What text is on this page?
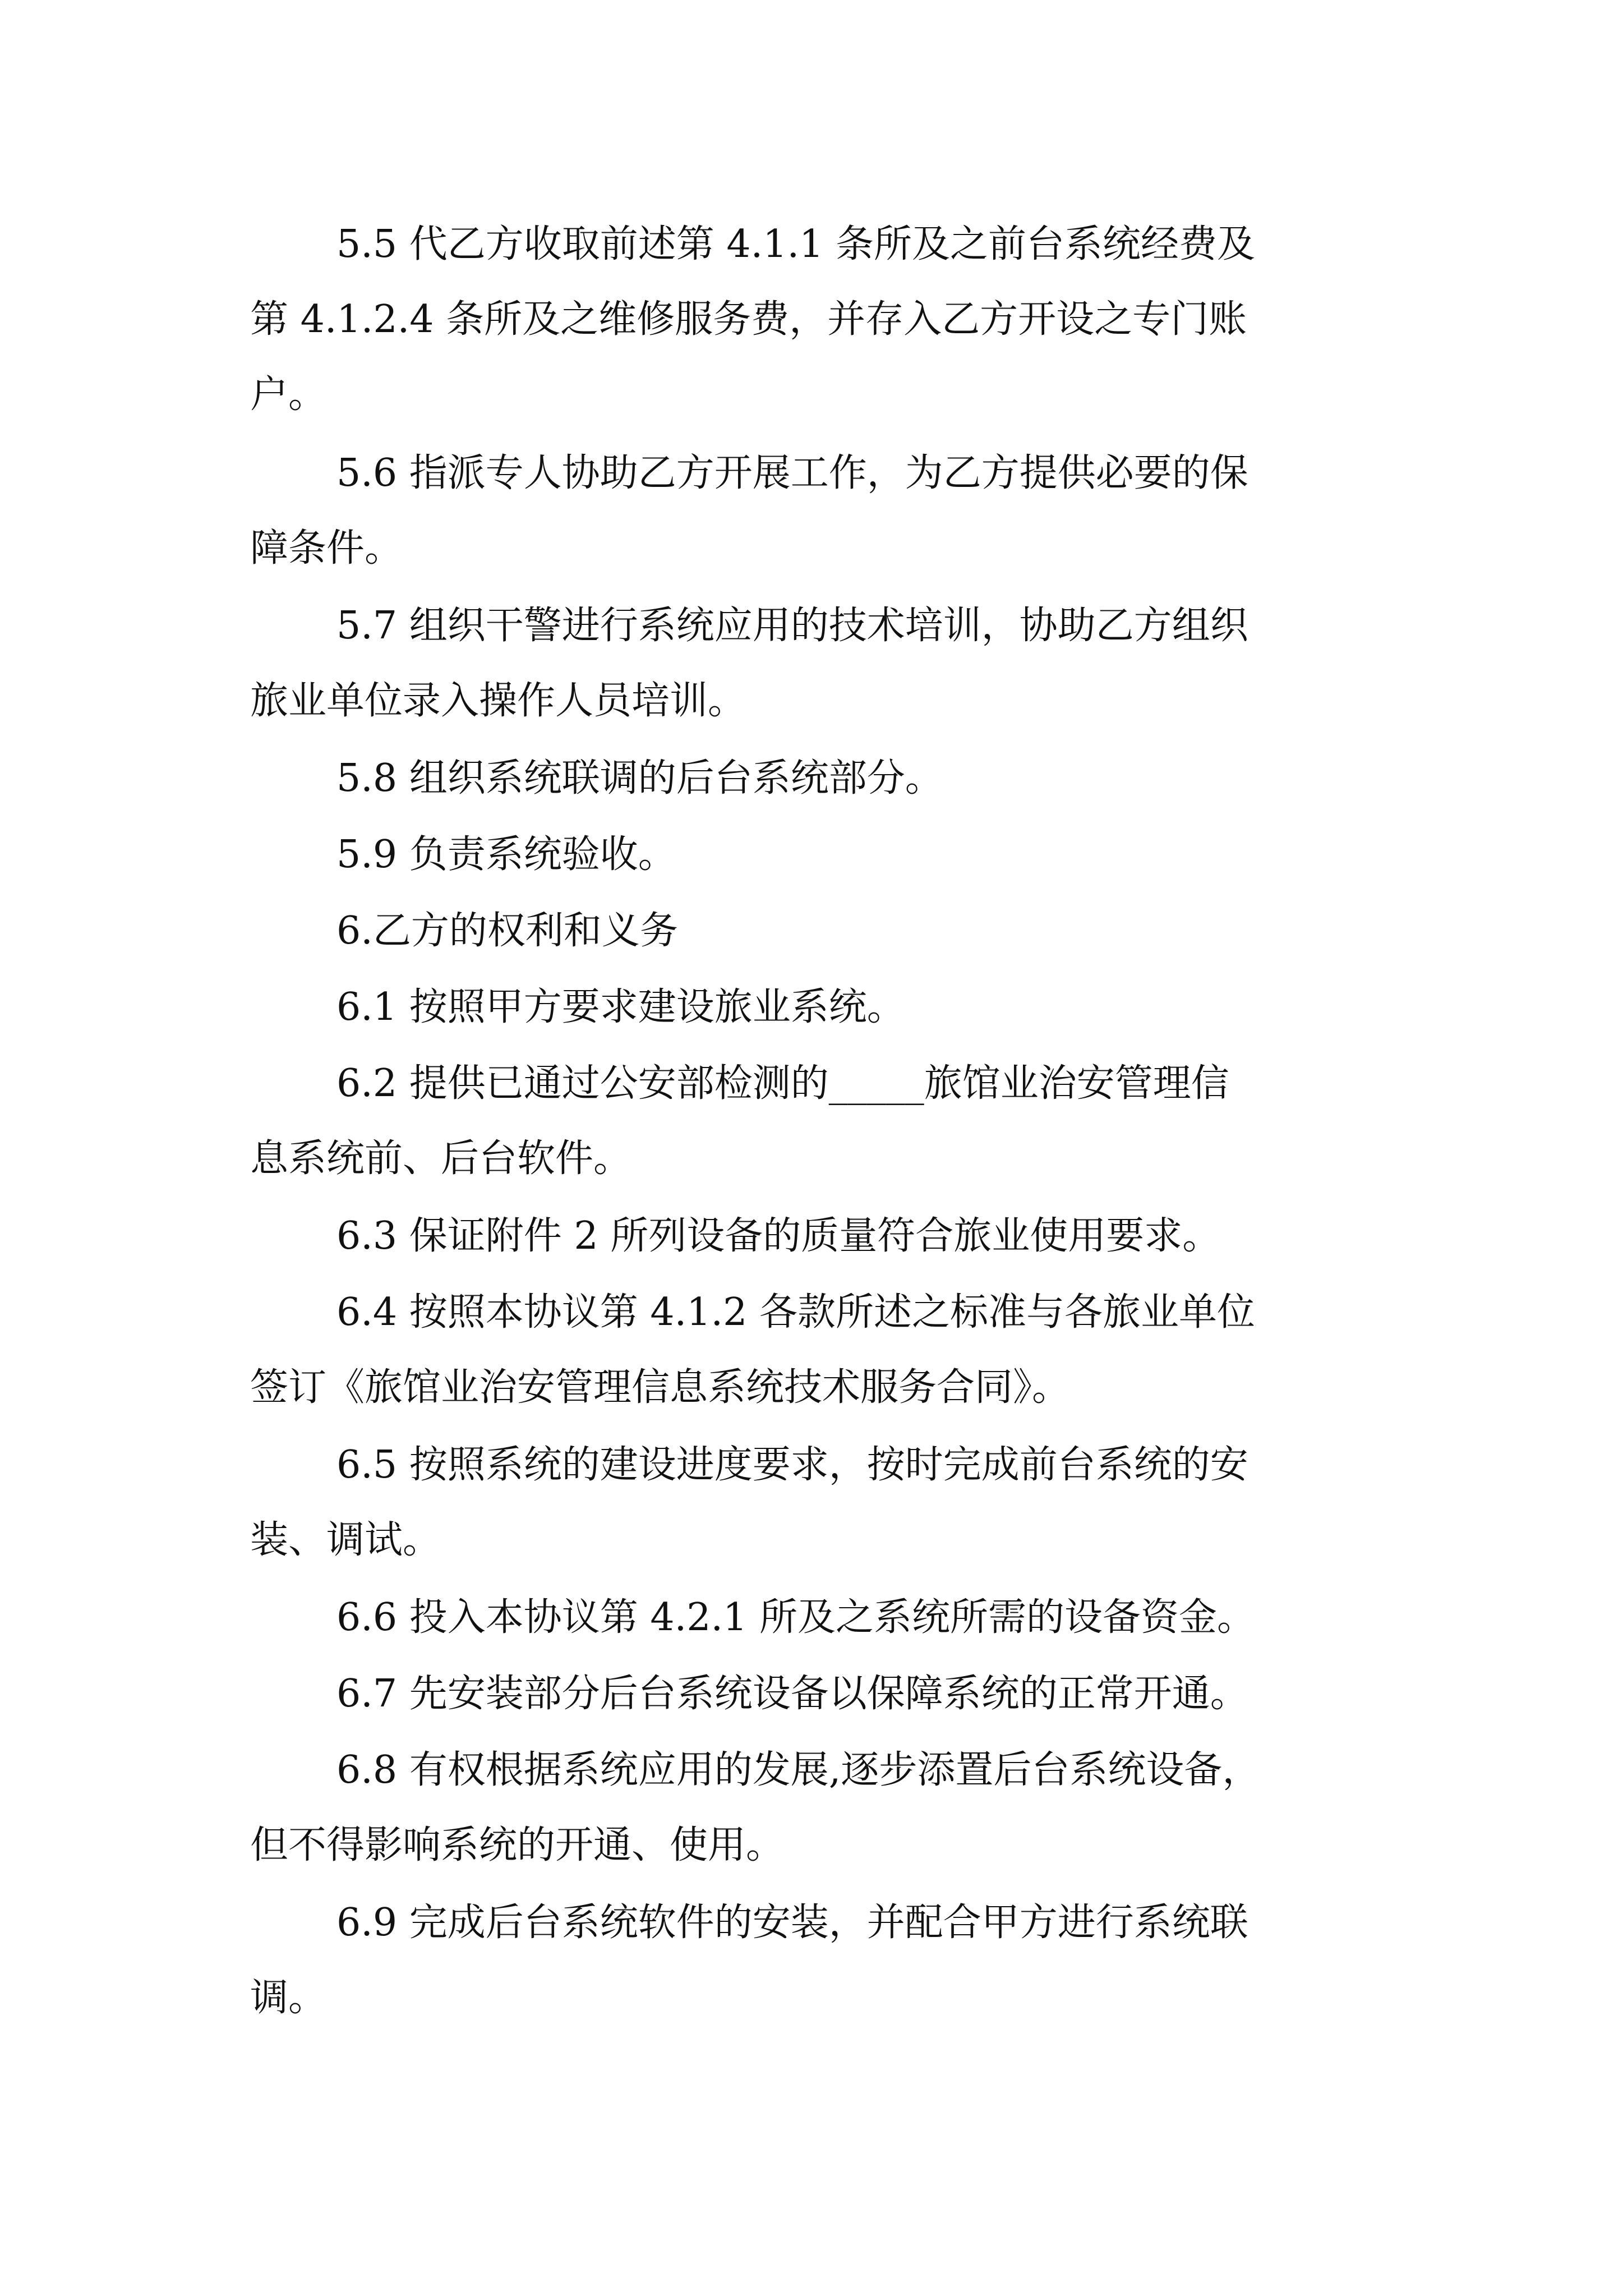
5.5 代乙方收取前述第 4.1.1 条所及之前台系统经费及

第 4.1.2.4 条所及之维修服务费，并存入乙方开设之专门账

户。

5.6 指派专人协助乙方开展工作，为乙方提供必要的保

障条件。

5.7 组织干警进行系统应用的技术培训，协助乙方组织

旅业单位录入操作人员培训。

5.8 组织系统联调的后台系统部分。

5.9 负责系统验收。

6.乙方的权利和义务

6.1 按照甲方要求建设旅业系统。

6.2 提供已通过公安部检测的_____旅馆业治安管理信

息系统前、后台软件。

6.3 保证附件 2 所列设备的质量符合旅业使用要求。

6.4 按照本协议第 4.1.2 各款所述之标准与各旅业单位

签订《旅馆业治安管理信息系统技术服务合同》。

6.5 按照系统的建设进度要求，按时完成前台系统的安

装、调试。

6.6 投入本协议第 4.2.1 所及之系统所需的设备资金。

6.7 先安装部分后台系统设备以保障系统的正常开通。

6.8 有权根据系统应用的发展,逐步添置后台系统设备，

但不得影响系统的开通、使用。

6.9 完成后台系统软件的安装，并配合甲方进行系统联

调。
